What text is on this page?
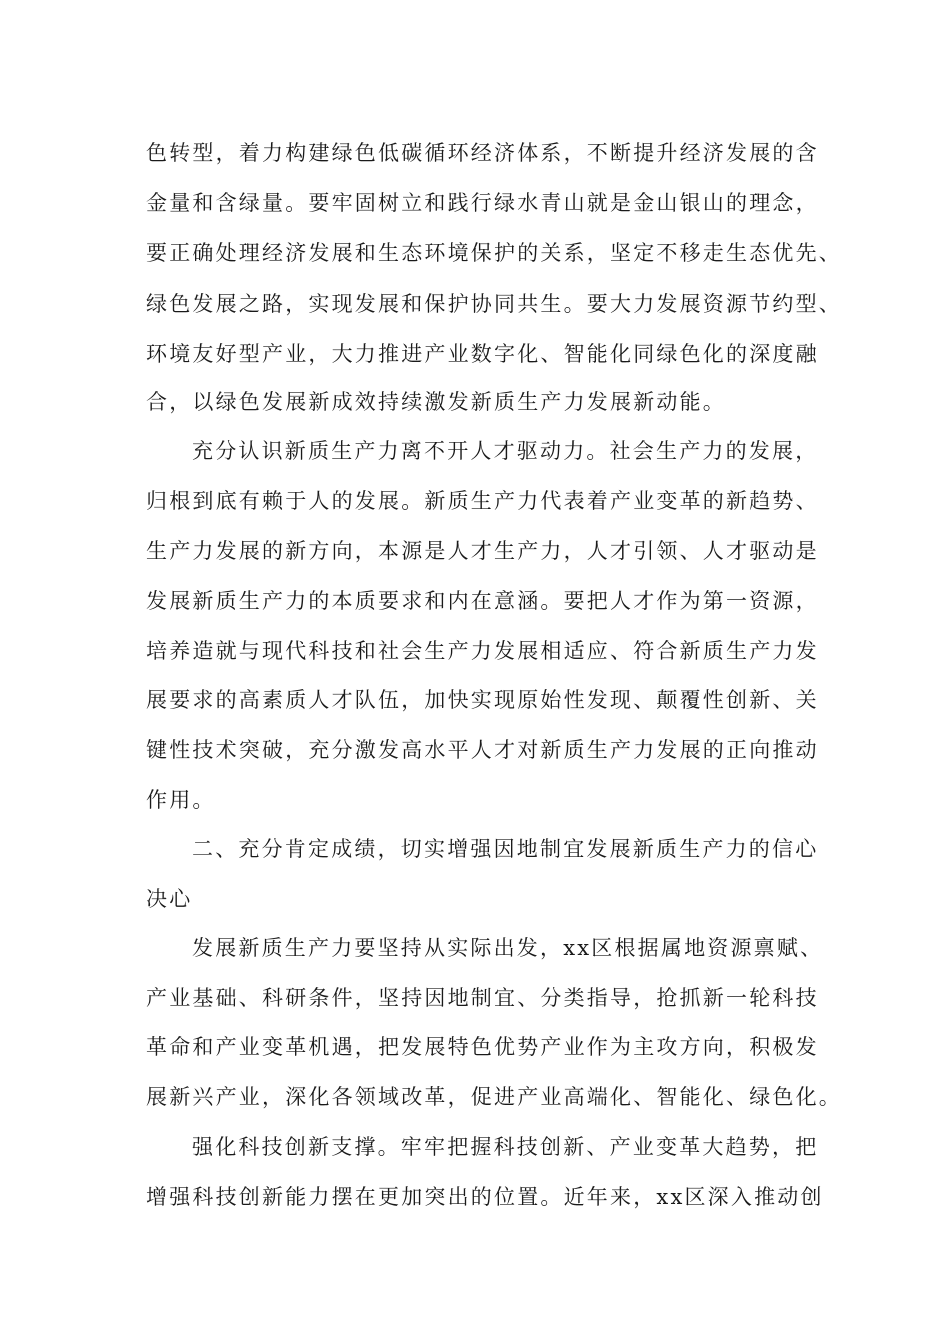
色转型，着力构建绿色低碳循环经济体系，不断提升经济发展的含

金量和含绿量。要牢固树立和践行绿水青山就是金山银山的理念，

要正确处理经济发展和生态环境保护的关系，坚定不移走生态优先、

绿色发展之路，实现发展和保护协同共生。要大力发展资源节约型、

环境友好型产业，大力推进产业数字化、智能化同绿色化的深度融

合，以绿色发展新成效持续激发新质生产力发展新动能。

充分认识新质生产力离不开人才驱动力。社会生产力的发展，

归根到底有赖于人的发展。新质生产力代表着产业变革的新趋势、

生产力发展的新方向，本源是人才生产力，人才引领、人才驱动是

发展新质生产力的本质要求和内在意涵。要把人才作为第一资源，

培养造就与现代科技和社会生产力发展相适应、符合新质生产力发

展要求的高素质人才队伍，加快实现原始性发现、颠覆性创新、关

键性技术突破，充分激发高水平人才对新质生产力发展的正向推动

作用。

二、充分肯定成绩，切实增强因地制宜发展新质生产力的信心

决心

发展新质生产力要坚持从实际出发，xx区根据属地资源禀赋、

产业基础、科研条件，坚持因地制宜、分类指导，抢抓新一轮科技

革命和产业变革机遇，把发展特色优势产业作为主攻方向，积极发

展新兴产业，深化各领域改革，促进产业高端化、智能化、绿色化。

强化科技创新支撑。牢牢把握科技创新、产业变革大趋势，把

增强科技创新能力摆在更加突出的位置。近年来，xx区深入推动创
